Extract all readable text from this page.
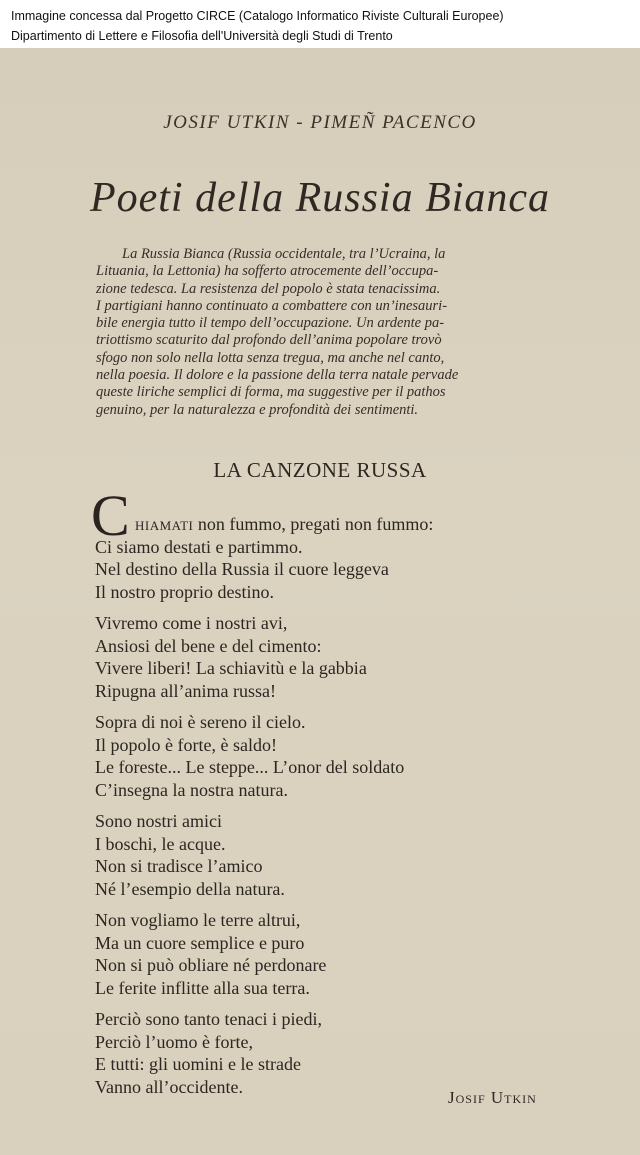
Immagine concessa dal Progetto CIRCE (Catalogo Informatico Riviste Culturali Europee)
Dipartimento di Lettere e Filosofia dell'Università degli Studi di Trento
JOSIF UTKIN - PIMEÑ PACENCO
Poeti della Russia Bianca
La Russia Bianca (Russia occidentale, tra l’Ucraina, la
Lituania, la Lettonia) ha sofferto atrocemente dell’occupa-
zione tedesca. La resistenza del popolo è stata tenacissima.
I partigiani hanno continuato a combattere con un’inesauri-
bile energia tutto il tempo dell’occupazione. Un ardente pa-
triottismo scaturito dal profondo dell’anima popolare trovò
sfogo non solo nella lotta senza tregua, ma anche nel canto,
nella poesia. Il dolore e la passione della terra natale pervade
queste liriche semplici di forma, ma suggestive per il pathos
genuino, per la naturalezza e profondità dei sentimenti.
LA CANZONE RUSSA
C hiamati non fummo, pregati non fummo:
Ci siamo destati e partimmo.
Nel destino della Russia il cuore leggeva
Il nostro proprio destino.
Vivremo come i nostri avi,
Ansiosi del bene e del cimento:
Vivere liberi! La schiavitù e la gabbia
Ripugna all’anima russa!
Sopra di noi è sereno il cielo.
Il popolo è forte, è saldo!
Le foreste... Le steppe... L’onor del soldato
C’insegna la nostra natura.
Sono nostri amici
I boschi, le acque.
Non si tradisce l’amico
Né l’esempio della natura.
Non vogliamo le terre altrui,
Ma un cuore semplice e puro
Non si può obliare né perdonare
Le ferite inflitte alla sua terra.
Perciò sono tanto tenaci i piedi,
Perciò l’uomo è forte,
E tutti: gli uomini e le strade
Vanno all’occidente.
Josif Utkin
